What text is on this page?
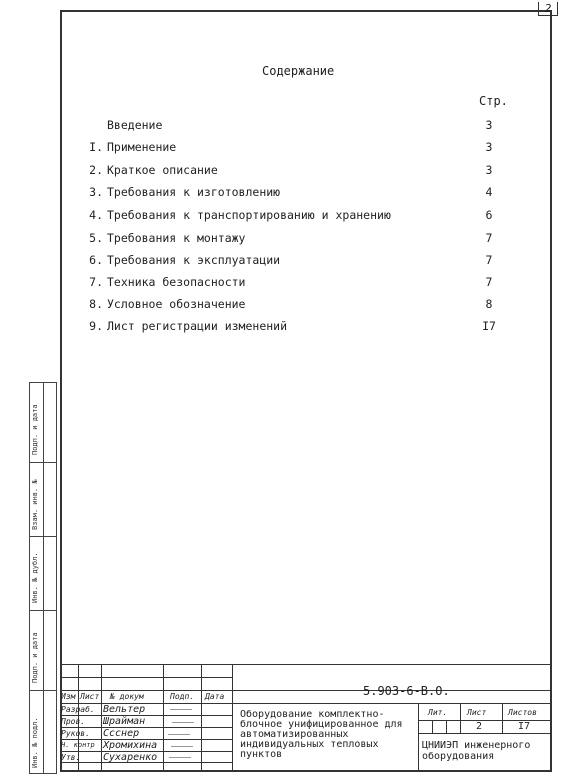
2
Содержание
Стр.
Введение	3
I. Применение	3
2. Краткое описание	3
3. Требования к изготовлению	4
4. Требования к транспортированию и хранению	6
5. Требования к монтажу	7
6. Требования к эксплуатации	7
7. Техника безопасности	7
8. Условное обозначение	8
9. Лист регистрации изменений	I7
Подп. и дата
Взам. инв. №
Инв. № дубл.
Подп. и дата
Инв. № подл.
Изм Лист № докум	Подп. Дата
Разраб. Вельтер
Пров. Шрайман
Руков. Ссснер
Н. контр Хромихина
Утв. Сухаренко
5.903-6-В.О.
Оборудование комплектно-блочное унифицированное для автоматизированных индивидуальных тепловых пунктов
Лит. Лист	Листов
2	I7
ЦНИИЭП инженерного оборудования
